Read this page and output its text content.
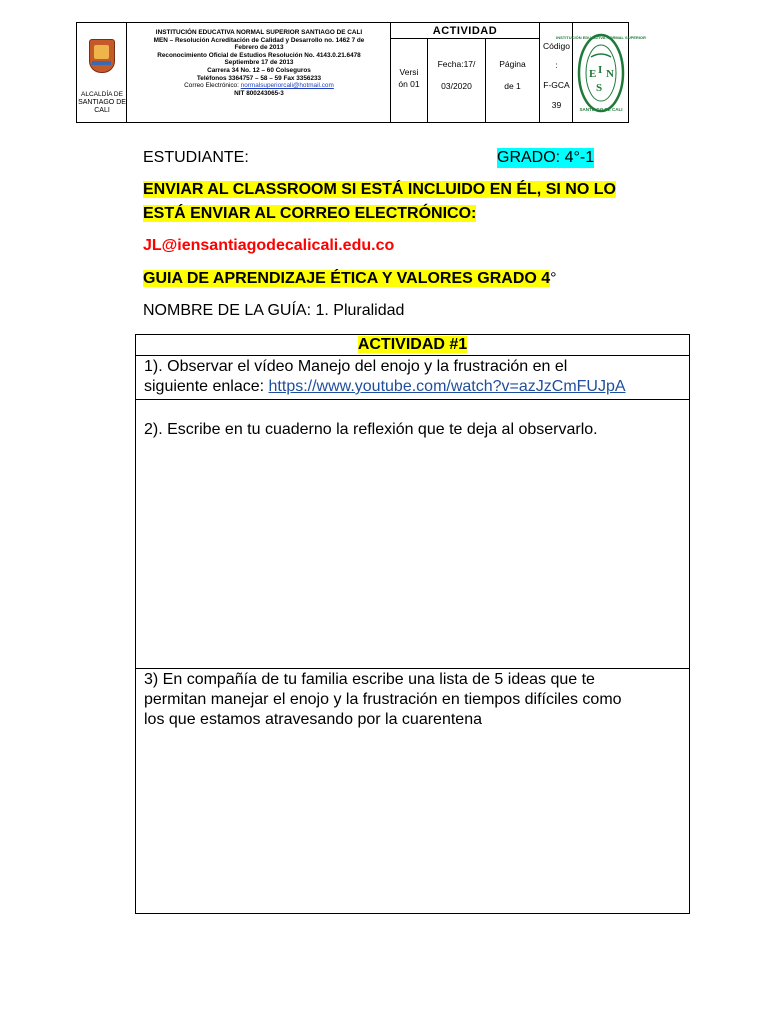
ALCALDÍA DE
SANTIAGO DE CALI
INSTITUCIÓN EDUCATIVA NORMAL SUPERIOR SANTIAGO DE CALI
MEN – Resolución Acreditación de Calidad y Desarrollo no. 1462 7 de
Febrero de 2013
Reconocimiento Oficial de Estudios Resolución No. 4143.0.21.6478
Septiembre 17 de 2013
Carrera 34 No. 12 – 60 Colseguros
Teléfonos 3364757 – 58 – 59 Fax 3356233
Correo Electrónico: normalsuperiorcali@hotmail.com
NIT 800243065-3
ACTIVIDAD
Versi
ón 01
Fecha:17/
03/2020
Página
de 1
Código
:
F-GCA
39
INSTITUCIÓN EDUCATIVA NORMAL SUPERIOR
SANTIAGO DE CALI
E I N
S
ESTUDIANTE:	GRADO: 4°-1
ENVIAR AL CLASSROOM SI ESTÁ INCLUIDO EN ÉL, SI NO LO
ESTÁ ENVIAR AL CORREO ELECTRÓNICO:
JL@iensantiagodecalicali.edu.co
GUIA DE APRENDIZAJE ÉTICA Y VALORES GRADO 4°
NOMBRE DE LA GUÍA: 1. Pluralidad
ACTIVIDAD #1
1). Observar el vídeo Manejo del enojo y la frustración en el
siguiente enlace: https://www.youtube.com/watch?v=azJzCmFUJpA
2). Escribe en tu cuaderno la reflexión que te deja al observarlo.
3) En compañía de tu familia escribe una lista de 5 ideas que te
permitan manejar el enojo y la frustración en tiempos difíciles como
los que estamos atravesando por la cuarentena
